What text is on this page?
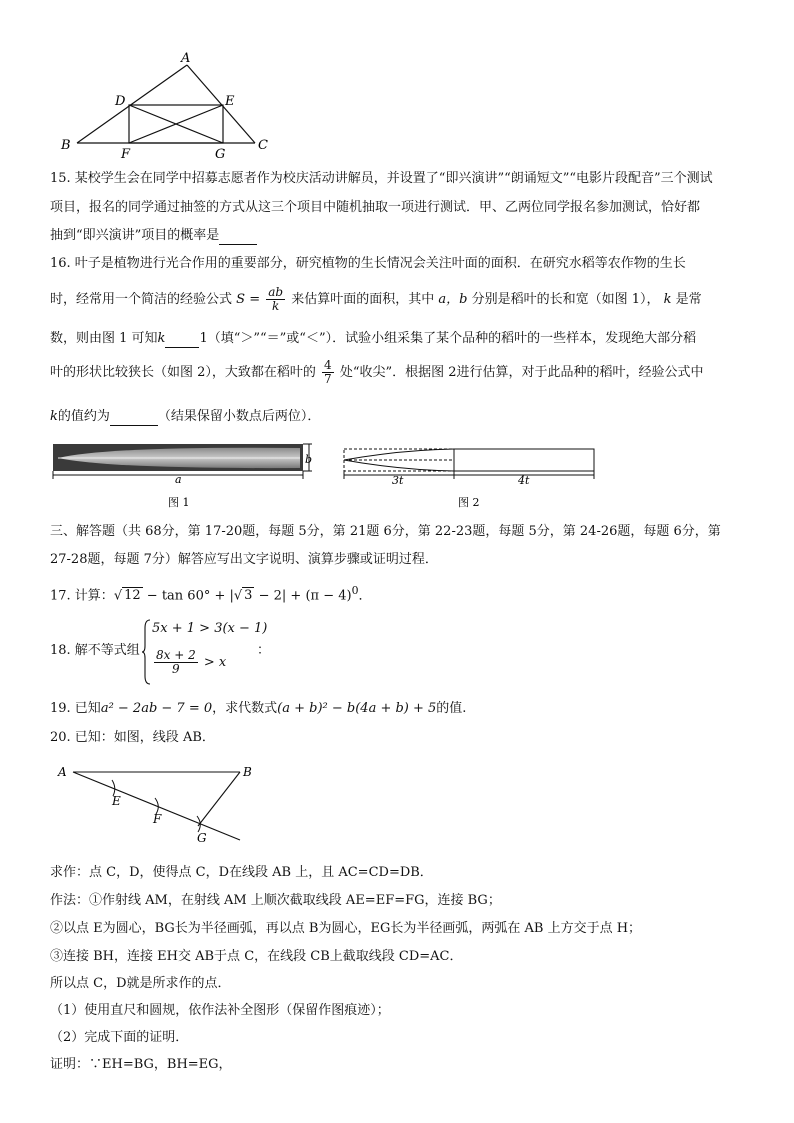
A
B	C
D	E
F	G
15. 某校学生会在同学中招募志愿者作为校庆活动讲解员，并设置了“即兴演讲”“朗诵短文”“电影片段配音”三个测试
项目，报名的同学通过抽签的方式从这三个项目中随机抽取一项进行测试．甲、乙两位同学报名参加测试，恰好都
抽到“即兴演讲”项目的概率是
16. 叶子是植物进行光合作用的重要部分，研究植物的生长情况会关注叶面的面积．在研究水稻等农作物的生长
时，经常用一个简洁的经验公式 $S = \frac{ab}{k}$ 来估算叶面的面积，其中 a，b 分别是稻叶的长和宽（如图 1）， k 是常
数，则由图 1 可知k	1（填“＞”“＝”或“＜”）．试验小组采集了某个品种的稻叶的一些样本，发现绝大部分稻
叶的形状比较狭长（如图 2），大致都在稻叶的 $\frac{4}{7}$ 处“收尖”．根据图 2进行估算，对于此品种的稻叶，经验公式中
k的值约为	（结果保留小数点后两位）．
b
a
图 1
3t	4t
图 2
三、解答题（共 68分，第 17-20题，每题 5分，第 21题 6分，第 22-23题，每题 5分，第 24-26题，每题 6分，第
27-28题，每题 7分）解答应写出文字说明、演算步骤或证明过程．
17. 计算：√ 12 − tan 60° + |√ $3 - 2| + (\pi - 4)^0$．
18. 解不等式组
5x + 1 > 3(x − 1)
$\frac{8x + 2}{9} > x$
：
19. 已知a² − 2ab − 7 = 0，求代数式(a + b)² − b(4a + b) + 5的值.
20. 已知：如图，线段 AB．
A	B
E
F
G
求作：点 C，D，使得点 C，D在线段 AB 上，且 AC=CD=DB．
作法：①作射线 AM，在射线 AM 上顺次截取线段 AE=EF=FG，连接 BG；
②以点 E为圆心，BG长为半径画弧，再以点 B为圆心，EG长为半径画弧，两弧在 AB 上方交于点 H；
③连接 BH，连接 EH交 AB于点 C，在线段 CB上截取线段 CD=AC．
所以点 C，D就是所求作的点．
（1）使用直尺和圆规，依作法补全图形（保留作图痕迹）；
（2）完成下面的证明．
证明：∵EH=BG，BH=EG，
